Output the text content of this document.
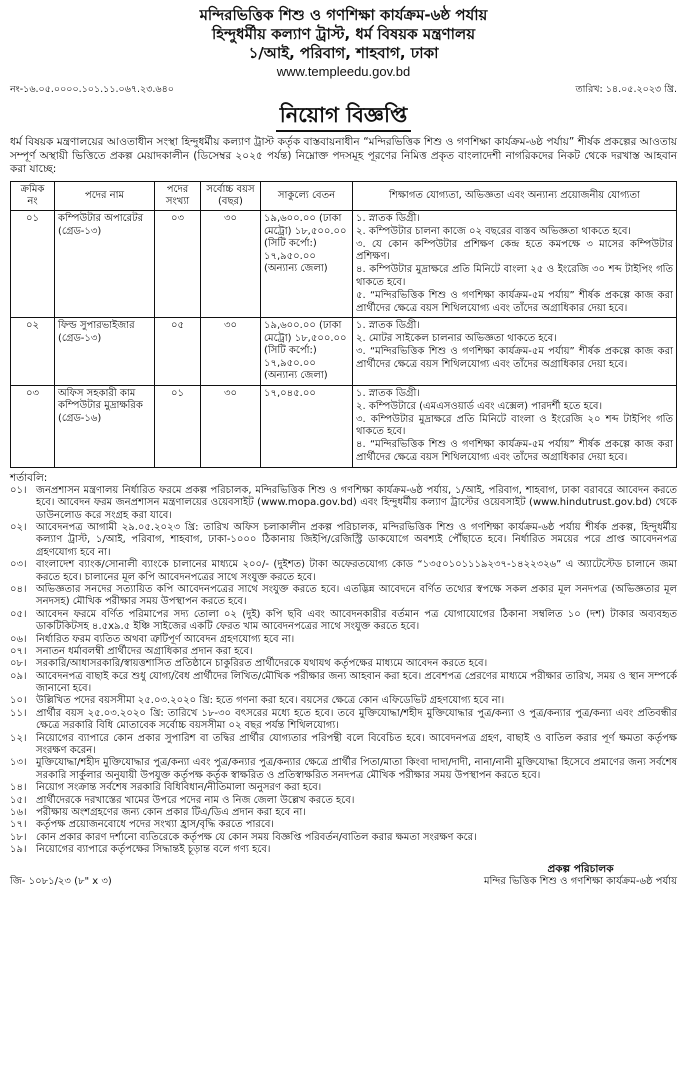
মন্দিরভিত্তিক শিশু ও গণশিক্ষা কার্যক্রম-৬ষ্ঠ পর্যায়
হিন্দুধর্মীয় কল্যাণ ট্রাস্ট, ধর্ম বিষয়ক মন্ত্রণালয়
১/আই, পরিবাগ, শাহবাগ, ঢাকা
www.templeedu.gov.bd
নং-১৬.০৫.০০০০.১০১.১১.০৬৭.২৩.৬৪০	তারিখ: ১৪.০৫.২০২৩ খ্রি.
নিয়োগ বিজ্ঞপ্তি

ধর্ম বিষয়ক মন্ত্রণালয়ের আওতাধীন সংস্থা হিন্দুধর্মীয় কল্যাণ ট্রাস্ট কর্তৃক বাস্তবায়নাধীন “মন্দিরভিত্তিক শিশু ও গণশিক্ষা কার্যক্রম-৬ষ্ঠ পর্যায়” শীর্ষক প্রকল্পের আওতায় সম্পূর্ণ অস্থায়ী ভিত্তিতে প্রকল্প মেয়াদকালীন (ডিসেম্বর ২০২৫ পর্যন্ত) নিম্নোক্ত পদসমূহ পূরণের নিমিত্ত প্রকৃত বাংলাদেশী নাগরিকদের নিকট থেকে দরখাস্ত আহবান করা যাচ্ছে:

ক্রমিক নং	পদের নাম	পদের সংখ্যা	সর্বোচ্চ বয়স (বছর)	সাকুল্যে বেতন	শিক্ষাগত যোগ্যতা, অভিজ্ঞতা এবং অন্যান্য প্রয়োজনীয় যোগ্যতা
০১	কম্পিউটার অপারেটর (গ্রেড-১৩)	০৩	৩০	১৯,৬০০.০০ (ঢাকা মেট্রো) ১৮,৫০০.০০ (সিটি কর্পো:) ১৭,৯৫০.০০ (অন্যান্য জেলা)	১. স্নাতক ডিগ্রী।
২. কম্পিউটার চালনা কাজে ০২ বছরের বাস্তব অভিজ্ঞতা থাকতে হবে।
৩. যে কোন কম্পিউটার প্রশিক্ষণ কেন্দ্র হতে কমপক্ষে ৩ মাসের কম্পিউটার প্রশিক্ষণ।
৪. কম্পিউটার মুদ্রাক্ষরে প্রতি মিনিটে বাংলা ২৫ ও ইংরেজি ৩০ শব্দ টাইপিং গতি থাকতে হবে।
৫. “মন্দিরভিত্তিক শিশু ও গণশিক্ষা কার্যক্রম-৫ম পর্যায়” শীর্ষক প্রকল্পে কাজ করা প্রার্থীদের ক্ষেত্রে বয়স শিথিলযোগ্য এবং তাঁদের অগ্রাধিকার দেয়া হবে।

০২	ফিল্ড সুপারভাইজার (গ্রেড-১৩)	০৫	৩০	১৯,৬০০.০০ (ঢাকা মেট্রো) ১৮,৫০০.০০ (সিটি কর্পো:) ১৭,৯৫০.০০ (অন্যান্য জেলা)	১. স্নাতক ডিগ্রী।
২. মোটর সাইকেল চালনার অভিজ্ঞতা থাকতে হবে।
৩. “মন্দিরভিত্তিক শিশু ও গণশিক্ষা কার্যক্রম-৫ম পর্যায়” শীর্ষক প্রকল্পে কাজ করা প্রার্থীদের ক্ষেত্রে বয়স শিথিলযোগ্য এবং তাঁদের অগ্রাধিকার দেয়া হবে।

০৩	অফিস সহকারী কাম কম্পিউটার মুদ্রাক্ষরিক (গ্রেড-১৬)	০১	৩০	১৭,০৪৫.০০	১. স্নাতক ডিগ্রী।
২. কম্পিউটারে (এমএসওয়ার্ড এবং এক্সেল) পারদর্শী হতে হবে।
৩. কম্পিউটার মুদ্রাক্ষরে প্রতি মিনিটে বাংলা ও ইংরেজি ২০ শব্দ টাইপিং গতি থাকতে হবে।
৪. “মন্দিরভিত্তিক শিশু ও গণশিক্ষা কার্যক্রম-৫ম পর্যায়” শীর্ষক প্রকল্পে কাজ করা প্রার্থীদের ক্ষেত্রে বয়স শিথিলযোগ্য এবং তাঁদের অগ্রাধিকার দেয়া হবে।
শর্তাবলি:
০১। জনপ্রশাসন মন্ত্রণালয় নির্ধারিত ফরমে প্রকল্প পরিচালক, মন্দিরভিত্তিক শিশু ও গণশিক্ষা কার্যক্রম-৬ষ্ঠ পর্যায়, ১/আই, পরিবাগ, শাহবাগ, ঢাকা বরাবরে আবেদন করতে হবে। আবেদন ফরম জনপ্রশাসন মন্ত্রণালয়ের ওয়েবসাইট (www.mopa.gov.bd) এবং হিন্দুধর্মীয় কল্যাণ ট্রাস্টের ওয়েবসাইট (www.hindutrust.gov.bd) থেকে ডাউনলোড করে সংগ্রহ করা যাবে।
০২। আবেদনপত্র আগামী ২৯.০৫.২০২৩ খ্রি: তারিখ অফিস চলাকালীন প্রকল্প পরিচালক, মন্দিরভিত্তিক শিশু ও গণশিক্ষা কার্যক্রম-৬ষ্ঠ পর্যায় শীর্ষক প্রকল্প, হিন্দুধর্মীয় কল্যাণ ট্রাস্ট, ১/আই, পরিবাগ, শাহবাগ, ঢাকা-১০০০ ঠিকানায় জিইপি/রেজিস্ট্রি ডাকযোগে অবশ্যই পৌঁছাতে হবে। নির্ধারিত সময়ের পরে প্রাপ্ত আবেদনপত্র গ্রহণযোগ্য হবে না।
০৩। বাংলাদেশ ব্যাংক/সোনালী ব্যাংকে চালানের মাধ্যমে ২০০/- (দুইশত) টাকা অফেরতযোগ্য কোড “১৩৫০১০১১১৯২৩৭-১৪২২৩২৬” এ অ্যাটেস্টেড চালানে জমা করতে হবে। চালানের মূল কপি আবেদনপত্রের সাথে সংযুক্ত করতে হবে।
০৪। অভিজ্ঞতার সনদের সত্যায়িত কপি আবেদনপত্রের সাথে সংযুক্ত করতে হবে। এতদ্ভিন্ন আবেদনে বর্ণিত তথ্যের স্বপক্ষে সকল প্রকার মূল সনদপত্র (অভিজ্ঞতার মূল সনদসহ) মৌখিক পরীক্ষার সময় উপস্থাপন করতে হবে।
০৫। আবেদন ফরমে বর্ণিত পরিমাপের সদ্য তোলা ০২ (দুই) কপি ছবি এবং আবেদনকারীর বর্তমান পত্র যোগাযোগের ঠিকানা সম্বলিত ১০ (দশ) টাকার অব্যবহৃত ডাকটিকিটসহ ৪.৫x৯.৫ ইঞ্চি সাইজের একটি ফেরত খাম আবেদনপত্রের সাথে সংযুক্ত করতে হবে।
০৬। নির্ধারিত ফরম ব্যতিত অথবা ত্রুটিপূর্ণ আবেদন গ্রহণযোগ্য হবে না।
০৭। সনাতন ধর্মাবলম্বী প্রার্থীদের অগ্রাধিকার প্রদান করা হবে।
০৮। সরকারি/আধাসরকারি/স্বায়ত্তশাসিত প্রতিষ্ঠানে চাকুরিরত প্রার্থীদেরকে যথাযথ কর্তৃপক্ষের মাধ্যমে আবেদন করতে হবে।
০৯। আবেদনপত্র বাছাই করে শুধু যোগ্য/বৈধ প্রার্থীদের লিখিত/মৌখিক পরীক্ষার জন্য আহবান করা হবে। প্রবেশপত্র প্রেরণের মাধ্যমে পরীক্ষার তারিখ, সময় ও স্থান সম্পর্কে জানানো হবে।
১০। উল্লিখিত পদের বয়সসীমা ২৫.০৩.২০২০ খ্রি: হতে গণনা করা হবে। বয়সের ক্ষেত্রে কোন এফিডেভিট গ্রহণযোগ্য হবে না।
১১। প্রার্থীর বয়স ২৫.০৩.২০২০ খ্রি: তারিখে ১৮-৩০ বৎসরের মধ্যে হতে হবে। তবে মুক্তিযোদ্ধা/শহীদ মুক্তিযোদ্ধার পুত্র/কন্যা ও পুত্র/কন্যার পুত্র/কন্যা এবং প্রতিবন্ধীর ক্ষেত্রে সরকারি বিধি মোতাবেক সর্বোচ্চ বয়সসীমা ০২ বছর পর্যন্ত শিথিলযোগ্য।
১২। নিয়োগের ব্যাপারে কোন প্রকার সুপারিশ বা তদ্বির প্রার্থীর যোগ্যতার পরিপন্থী বলে বিবেচিত হবে। আবেদনপত্র গ্রহণ, বাছাই ও বাতিল করার পূর্ণ ক্ষমতা কর্তৃপক্ষ সংরক্ষণ করেন।
১৩। মুক্তিযোদ্ধা/শহীদ মুক্তিযোদ্ধার পুত্র/কন্যা এবং পুত্র/কন্যার পুত্র/কন্যার ক্ষেত্রে প্রার্থীর পিতা/মাতা কিংবা দাদা/দাদী, নানা/নানী মুক্তিযোদ্ধা হিসেবে প্রমাণের জন্য সর্বশেষ সরকারি সার্কুলার অনুযায়ী উপযুক্ত কর্তৃপক্ষ কর্তৃক স্বাক্ষরিত ও প্রতিস্বাক্ষরিত সনদপত্র মৌখিক পরীক্ষার সময় উপস্থাপন করতে হবে।
১৪। নিয়োগ সংক্রান্ত সর্বশেষ সরকারি বিধিবিধান/নীতিমালা অনুসরণ করা হবে।
১৫। প্রার্থীদেরকে দরখাস্তের খামের উপরে পদের নাম ও নিজ জেলা উল্লেখ করতে হবে।
১৬। পরীক্ষায় অংশগ্রহণের জন্য কোন প্রকার টিএ/ডিএ প্রদান করা হবে না।
১৭। কর্তৃপক্ষ প্রয়োজনবোধে পদের সংখ্যা হ্রাস/বৃদ্ধি করতে পারবে।
১৮। কোন প্রকার কারণ দর্শানো ব্যতিরেকে কর্তৃপক্ষ যে কোন সময় বিজ্ঞপ্তি পরিবর্তন/বাতিল করার ক্ষমতা সংরক্ষণ করে।
১৯। নিয়োগের ব্যাপারে কর্তৃপক্ষের সিদ্ধান্তই চূড়ান্ত বলে গণ্য হবে।
জি- ১০৮১/২৩ (৮" x ৩)
প্রকল্প পরিচালক
মন্দির ভিত্তিক শিশু ও গণশিক্ষা কার্যক্রম-৬ষ্ঠ পর্যায়
